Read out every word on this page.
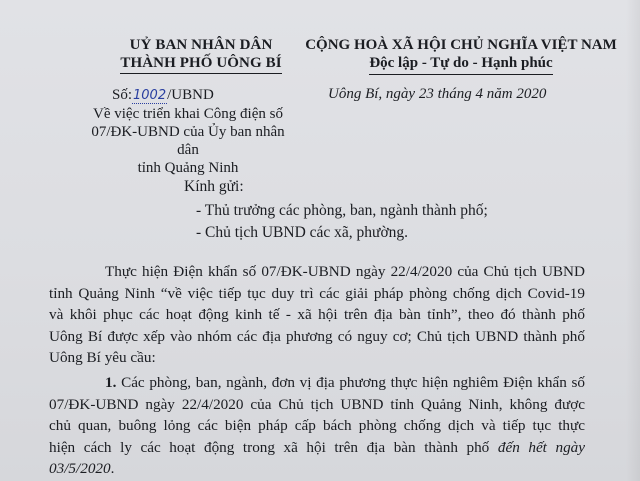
UỶ BAN NHÂN DÂN
THÀNH PHỐ UÔNG BÍ
CỘNG HOÀ XÃ HỘI CHỦ NGHĨA VIỆT NAM
Độc lập - Tự do - Hạnh phúc
Số:1002/UBND
Về việc triển khai Công điện số
07/ĐK-UBND của Ủy ban nhân dân
tỉnh Quảng Ninh
Uông Bí, ngày 23 tháng 4 năm 2020
Kính gửi:
- Thủ trưởng các phòng, ban, ngành thành phố;
- Chủ tịch UBND các xã, phường.
Thực hiện Điện khẩn số 07/ĐK-UBND ngày 22/4/2020 của Chủ tịch UBND
tỉnh Quảng Ninh “về việc tiếp tục duy trì các giải pháp phòng chống dịch Covid-19
và khôi phục các hoạt động kinh tế - xã hội trên địa bàn tỉnh”, theo đó thành phố
Uông Bí được xếp vào nhóm các địa phương có nguy cơ; Chủ tịch UBND thành phố
Uông Bí yêu cầu:
1. Các phòng, ban, ngành, đơn vị địa phương thực hiện nghiêm Điện khẩn số
07/ĐK-UBND ngày 22/4/2020 của Chủ tịch UBND tỉnh Quảng Ninh, không được
chủ quan, buông lỏng các biện pháp cấp bách phòng chống dịch và tiếp tục thực
hiện cách ly các hoạt động trong xã hội trên địa bàn thành phố đến hết ngày
03/5/2020.
